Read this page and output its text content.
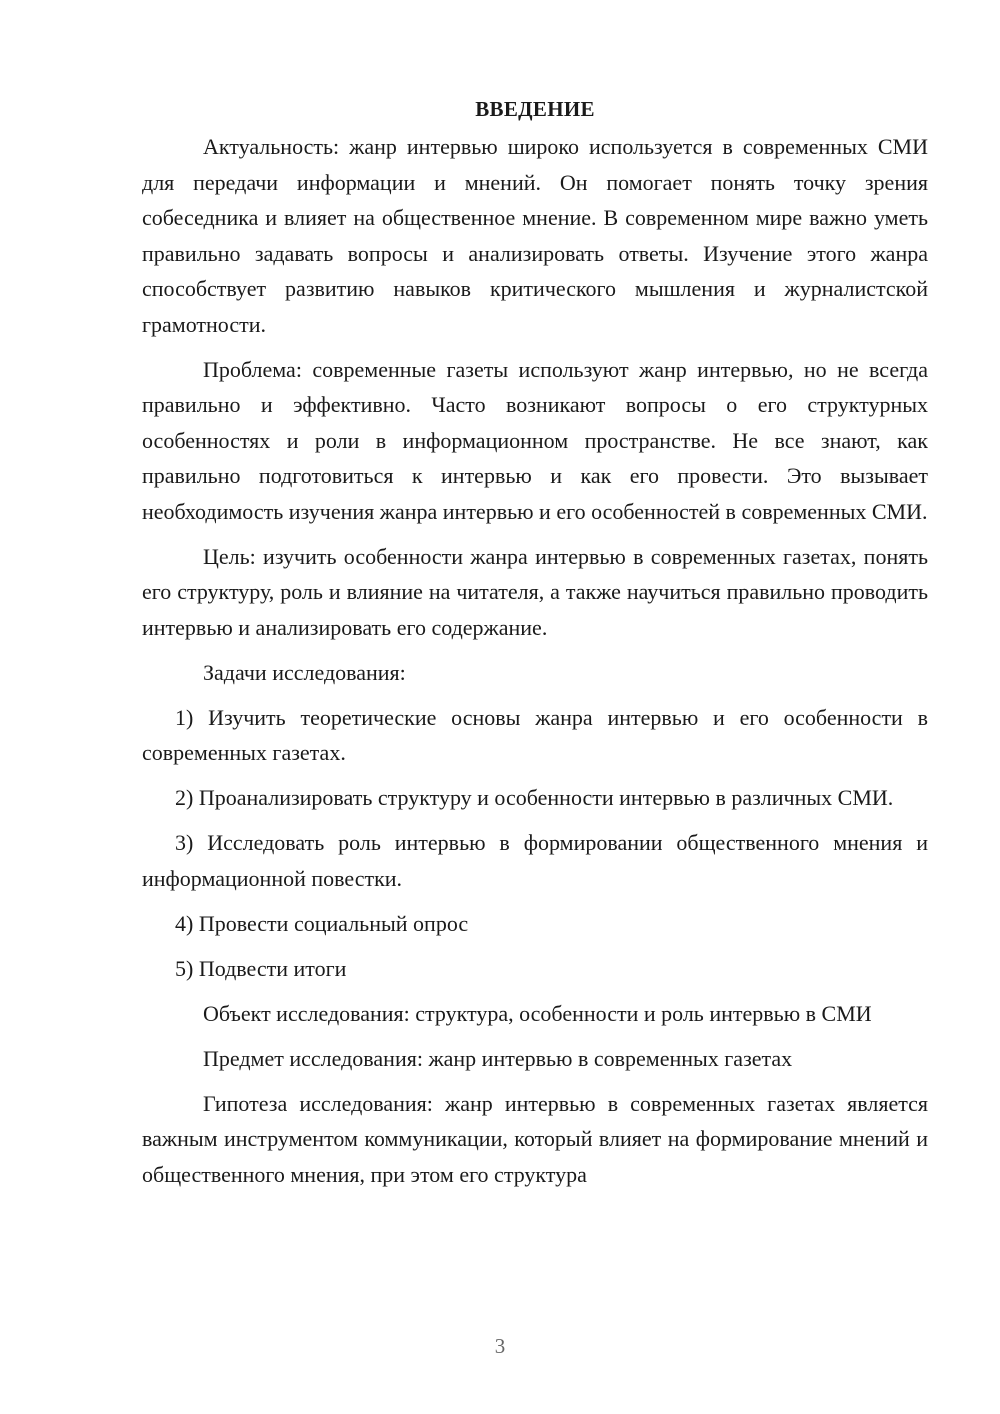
ВВЕДЕНИЕ

Актуальность: жанр интервью широко используется в современных СМИ для передачи информации и мнений. Он помогает понять точку зрения собеседника и влияет на общественное мнение. В современном мире важно уметь правильно задавать вопросы и анализировать ответы. Изучение этого жанра способствует развитию навыков критического мышления и журналистской грамотности.

Проблема: современные газеты используют жанр интервью, но не всегда правильно и эффективно. Часто возникают вопросы о его структурных особенностях и роли в информационном пространстве. Не все знают, как правильно подготовиться к интервью и как его провести. Это вызывает необходимость изучения жанра интервью и его особенностей в современных СМИ.

Цель: изучить особенности жанра интервью в современных газетах, понять его структуру, роль и влияние на читателя, а также научиться правильно проводить интервью и анализировать его содержание.

Задачи исследования:

1) Изучить теоретические основы жанра интервью и его особенности в современных газетах.

2) Проанализировать структуру и особенности интервью в различных СМИ.

3) Исследовать роль интервью в формировании общественного мнения и информационной повестки.

4) Провести социальный опрос

5) Подвести итоги

Объект исследования: структура, особенности и роль интервью в СМИ

Предмет исследования: жанр интервью в современных газетах

Гипотеза исследования: жанр интервью в современных газетах является важным инструментом коммуникации, который влияет на формирование мнений и общественного мнения, при этом его структура

3
